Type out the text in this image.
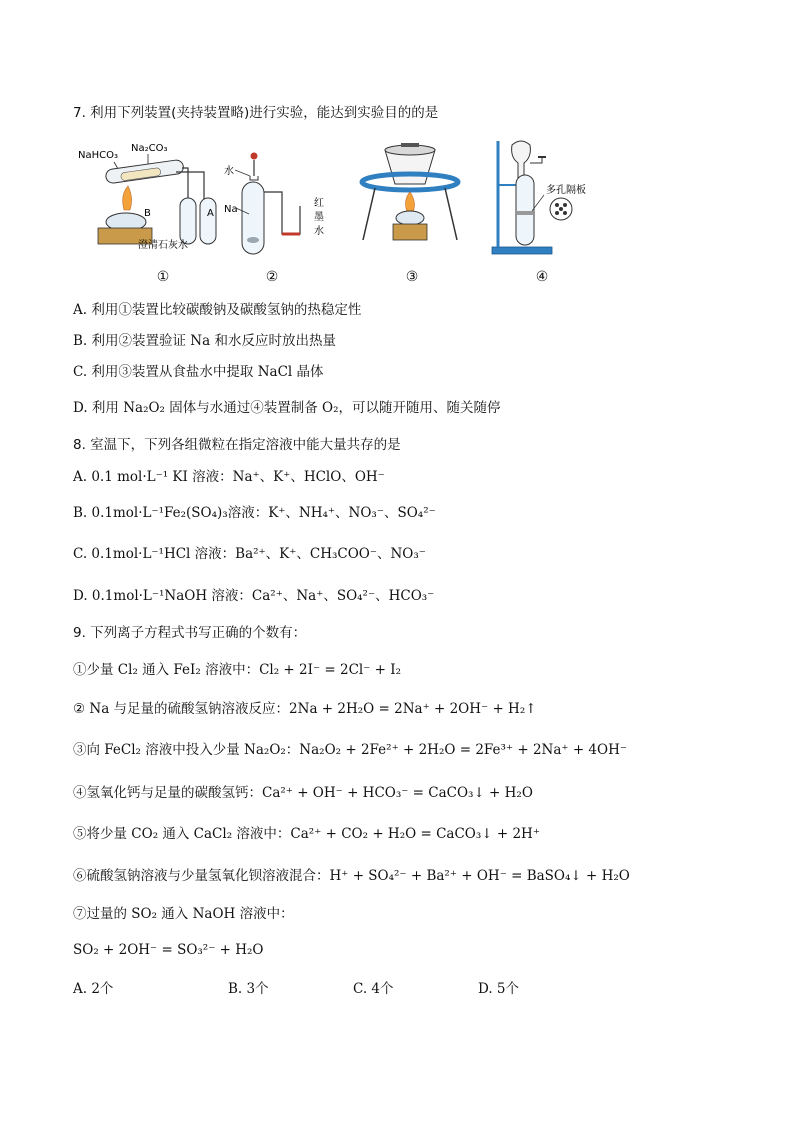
7. 利用下列装置(夹持装置略)进行实验，能达到实验目的的是
NaHCO₃
Na₂CO₃
B	A
澄清石灰水
①
水
Na
红
墨
水
②	③
多孔隔板
④
A. 利用①装置比较碳酸钠及碳酸氢钠的热稳定性
B. 利用②装置验证 Na 和水反应时放出热量
C. 利用③装置从食盐水中提取 NaCl 晶体
D. 利用 Na₂O₂ 固体与水通过④装置制备 O₂，可以随开随用、随关随停
8. 室温下，下列各组微粒在指定溶液中能大量共存的是
A. 0.1 mol·L⁻¹ KI 溶液：Na⁺、K⁺、HClO、OH⁻
B. 0.1mol·L⁻¹Fe₂(SO₄)₃溶液：K⁺、NH₄⁺、NO₃⁻、SO₄²⁻
C. 0.1mol·L⁻¹HCl 溶液：Ba²⁺、K⁺、CH₃COO⁻、NO₃⁻
D. 0.1mol·L⁻¹NaOH 溶液：Ca²⁺、Na⁺、SO₄²⁻、HCO₃⁻
9. 下列离子方程式书写正确的个数有：
①少量 Cl₂ 通入 FeI₂ 溶液中：Cl₂ + 2I⁻ = 2Cl⁻ + I₂
② Na 与足量的硫酸氢钠溶液反应：2Na + 2H₂O = 2Na⁺ + 2OH⁻ + H₂↑
③向 FeCl₂ 溶液中投入少量 Na₂O₂：Na₂O₂ + 2Fe²⁺ + 2H₂O = 2Fe³⁺ + 2Na⁺ + 4OH⁻
④氢氧化钙与足量的碳酸氢钙：Ca²⁺ + OH⁻ + HCO₃⁻ = CaCO₃↓ + H₂O
⑤将少量 CO₂ 通入 CaCl₂ 溶液中：Ca²⁺ + CO₂ + H₂O = CaCO₃↓ + 2H⁺
⑥硫酸氢钠溶液与少量氢氧化钡溶液混合：H⁺ + SO₄²⁻ + Ba²⁺ + OH⁻ = BaSO₄↓ + H₂O
⑦过量的 SO₂ 通入 NaOH 溶液中：
SO₂ + 2OH⁻ = SO₃²⁻ + H₂O
A. 2个	B. 3个	C. 4个	D. 5个
